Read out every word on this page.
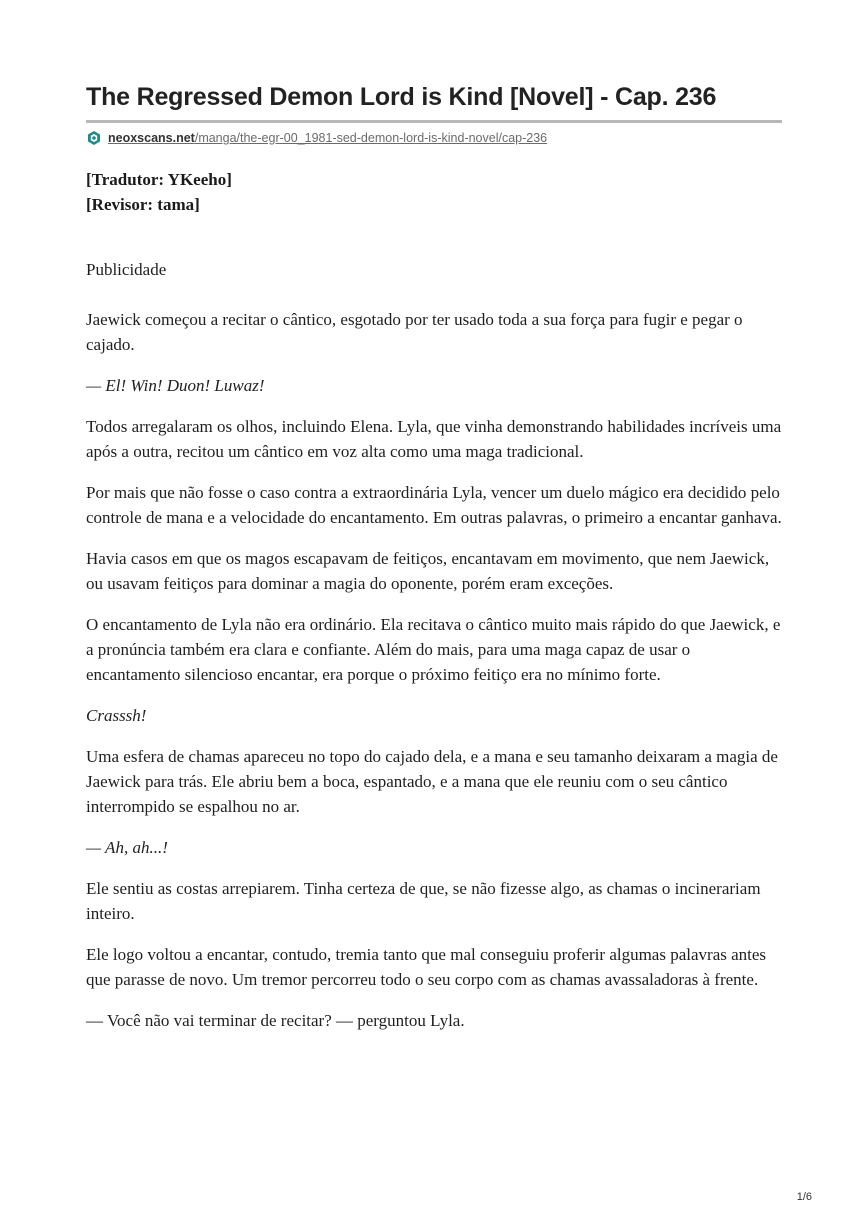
The Regressed Demon Lord is Kind [Novel] - Cap. 236
neoxscans.net/manga/the-egr-00_1981-sed-demon-lord-is-kind-novel/cap-236
[Tradutor: YKeeho]
[Revisor: tama]

Publicidade

Jaewick começou a recitar o cântico, esgotado por ter usado toda a sua força para fugir e pegar o cajado.

— El! Win! Duon! Luwaz!

Todos arregalaram os olhos, incluindo Elena. Lyla, que vinha demonstrando habilidades incríveis uma após a outra, recitou um cântico em voz alta como uma maga tradicional.

Por mais que não fosse o caso contra a extraordinária Lyla, vencer um duelo mágico era decidido pelo controle de mana e a velocidade do encantamento. Em outras palavras, o primeiro a encantar ganhava.

Havia casos em que os magos escapavam de feitiços, encantavam em movimento, que nem Jaewick, ou usavam feitiços para dominar a magia do oponente, porém eram exceções.

O encantamento de Lyla não era ordinário. Ela recitava o cântico muito mais rápido do que Jaewick, e a pronúncia também era clara e confiante. Além do mais, para uma maga capaz de usar o encantamento silencioso encantar, era porque o próximo feitiço era no mínimo forte.

Crasssh!

Uma esfera de chamas apareceu no topo do cajado dela, e a mana e seu tamanho deixaram a magia de Jaewick para trás. Ele abriu bem a boca, espantado, e a mana que ele reuniu com o seu cântico interrompido se espalhou no ar.

— Ah, ah...!

Ele sentiu as costas arrepiarem. Tinha certeza de que, se não fizesse algo, as chamas o incinerariam inteiro.

Ele logo voltou a encantar, contudo, tremia tanto que mal conseguiu proferir algumas palavras antes que parasse de novo. Um tremor percorreu todo o seu corpo com as chamas avassaladoras à frente.

— Você não vai terminar de recitar? — perguntou Lyla.

1/6
